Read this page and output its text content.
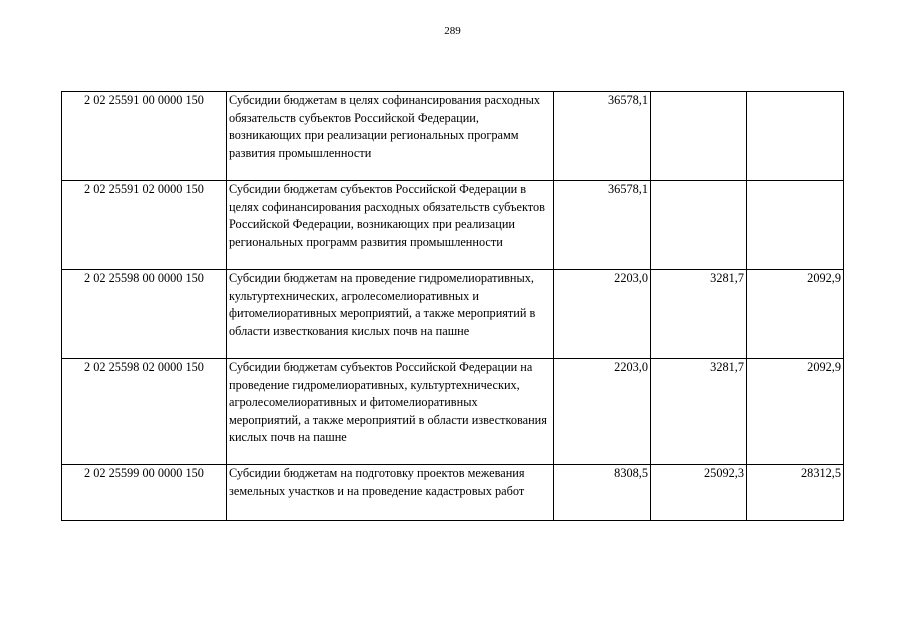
289
2 02 25591 00 0000 150	Субсидии бюджетам в целях софинансирования расходных обязательств субъектов Российской Федерации, возникающих при реализации региональных программ развития промышленности	36578,1		
2 02 25591 02 0000 150	Субсидии бюджетам субъектов Российской Федерации в целях софинансирования расходных обязательств субъектов Российской Федерации, возникающих при реализации региональных программ развития промышленности	36578,1		
2 02 25598 00 0000 150	Субсидии бюджетам на проведение гидромелиоративных, культуртехнических, агролесомелиоративных и фитомелиоративных мероприятий, а также мероприятий в области известкования кислых почв на пашне	2203,0	3281,7	2092,9
2 02 25598 02 0000 150	Субсидии бюджетам субъектов Российской Федерации на проведение гидромелиоративных, культуртехнических, агролесомелиоративных и фитомелиоративных мероприятий, а также мероприятий в области известкования кислых почв на пашне	2203,0	3281,7	2092,9
2 02 25599 00 0000 150	Субсидии бюджетам на подготовку проектов межевания земельных участков и на проведение кадастровых работ	8308,5	25092,3	28312,5
